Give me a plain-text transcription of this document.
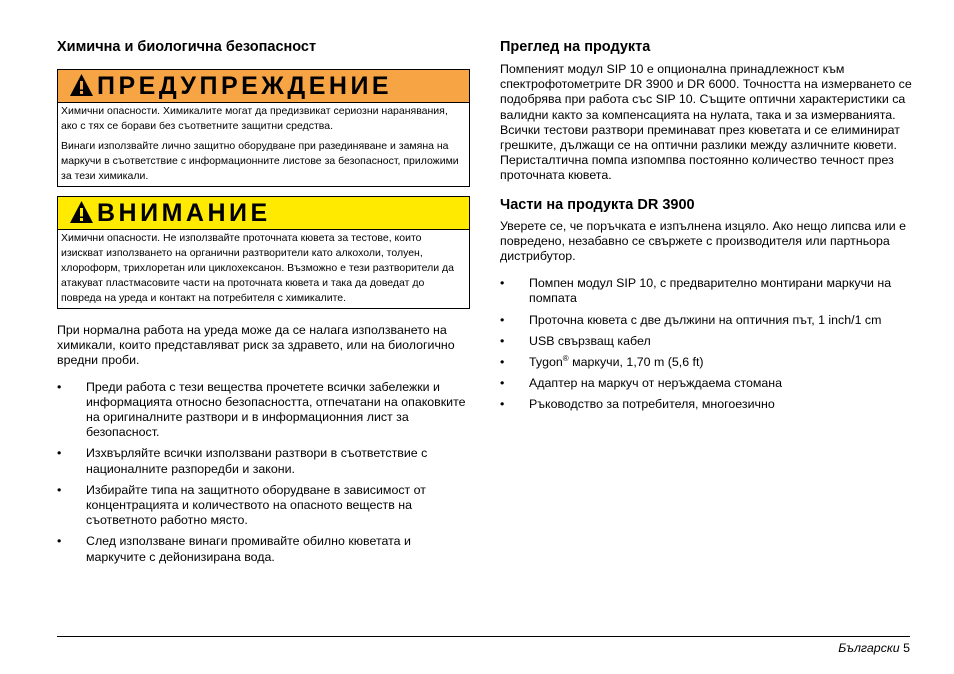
Химична и биологична безопасност
ПРЕДУПРЕЖДЕНИЕ

Химични опасности. Химикалите могат да предизвикат сериозни наранявания, ако с тях се борави без съответните защитни средства.

Винаги използвайте лично защитно оборудване при разединяване и замяна на маркучи в съответствие с информационните листове за безопасност, приложими за тези химикали.

ВНИМАНИЕ

Химични опасности. Не използвайте проточната кювета за тестове, които изискват използването на органични разтворители като алкохоли, толуен, хлороформ, трихлоретан или циклохексанон. Възможно е тези разтворители да атакуват пластмасовите части на проточната кювета и така да доведат до повреда на уреда и контакт на потребителя с химикалите.

При нормална работа на уреда може да се налага използването на химикали, които представляват риск за здравето, или на биологично вредни проби.

• Преди работа с тези вещества прочетете всички забележки и информацията относно безопасността, отпечатани на опаковките на оригиналните разтвори и в информационния лист за безопасност.
• Изхвърляйте всички използвани разтвори в съответствие с националните разпоредби и закони.
• Избирайте типа на защитното оборудване в зависимост от концентрацията и количеството на опасното веществ на съответното работно място.
• След използване винаги промивайте обилно кюветата и маркучите с дейонизирана вода.
Преглед на продукта

Помпеният модул SIP 10 е опционална принадлежност към спектрофотометрите DR 3900 и DR 6000. Точността на измерването се подобрява при работа със SIP 10. Същите оптични характеристики са валидни както за компенсацията на нулата, така и за измерванията. Всички тестови разтвори преминават през кюветата и се елиминират грешките, дължащи се на оптични разлики между азличните кювети. Перисталтична помпа изпомпва постоянно количество течност през проточната кювета.

Части на продукта DR 3900

Уверете се, че поръчката е изпълнена изцяло. Ако нещо липсва или е повредено, незабавно се свържете с производителя или партньора дистрибутор.

• Помпен модул SIP 10, с предварително монтирани маркучи на помпата
• Проточна кювета с две дължини на оптичния път, 1 inch/1 cm
• USB свързващ кабел
• Tygon® маркучи, 1,70 m (5,6 ft)
• Адаптер на маркуч от неръждаема стомана
• Ръководство за потребителя, многоезично
Български 5
